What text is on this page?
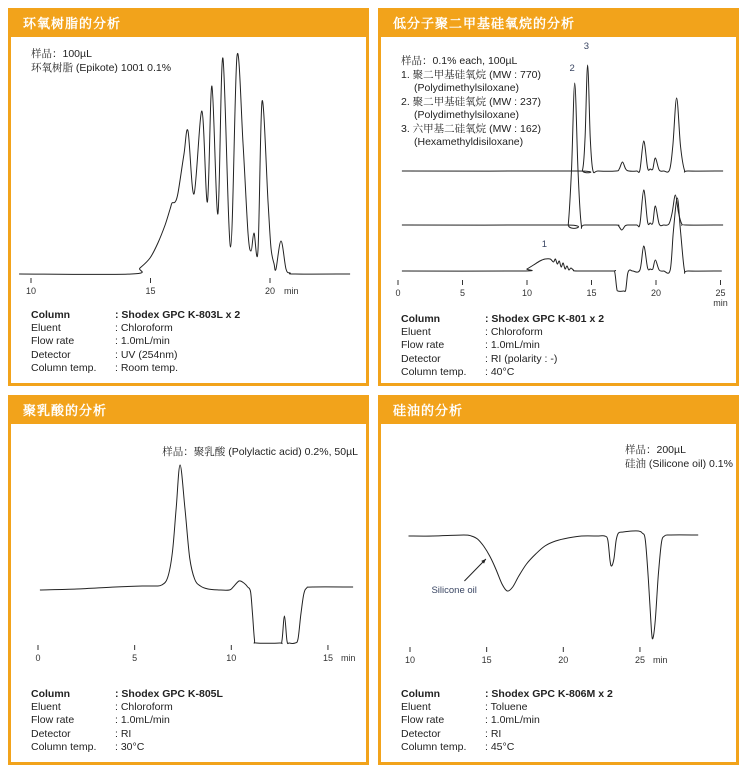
环氧树脂的分析
样品：100µL
环氧树脂 (Epikote) 1001 0.1%
10	15	20 min
Column	: Shodex GPC K-803L x 2
Eluent	: Chloroform
Flow rate	: 1.0mL/min
Detector	: UV (254nm)
Column temp.	: Room temp.
低分子聚二甲基硅氧烷的分析
0	5	10	15	20	25
min
1
2
3
样品：0.1% each, 100µL
1. 聚二甲基硅氧烷 (MW : 770)
(Polydimethylsiloxane)
2. 聚二甲基硅氧烷 (MW : 237)
(Polydimethylsiloxane)
3. 六甲基二硅氧烷 (MW : 162)
(Hexamethyldisiloxane)
Column	: Shodex GPC K-801 x 2
Eluent	: Chloroform
Flow rate	: 1.0mL/min
Detector	: RI (polarity : -)
Column temp.	: 40°C
聚乳酸的分析
样品：聚乳酸 (Polylactic acid) 0.2%, 50µL
0	5	10	15 min
Column	: Shodex GPC K-805L
Eluent	: Chloroform
Flow rate	: 1.0mL/min
Detector	: RI
Column temp.	: 30°C
硅油的分析
样品：200µL
硅油 (Silicone oil) 0.1%
10	15	20	25 min
Silicone oil
Column	: Shodex GPC K-806M x 2
Eluent	: Toluene
Flow rate	: 1.0mL/min
Detector	: RI
Column temp.	: 45°C
